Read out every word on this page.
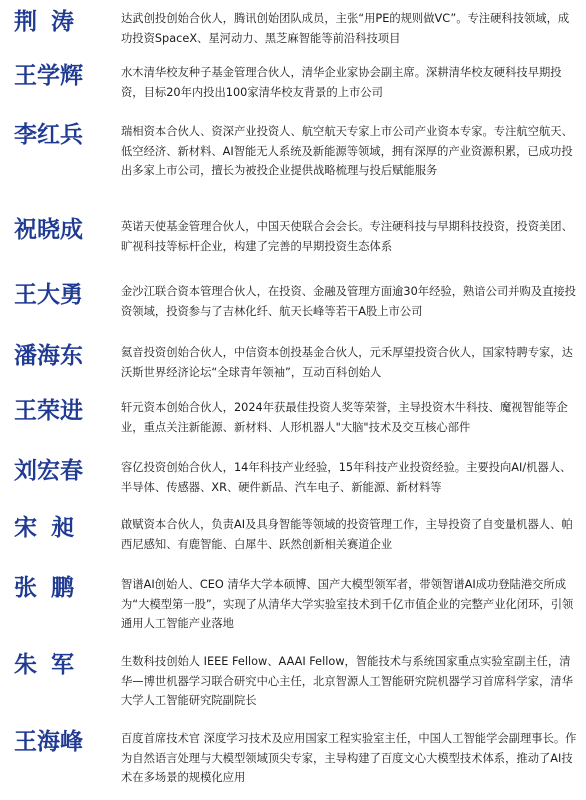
荆涛	达武创投创始合伙人，腾讯创始团队成员，主张“用PE的规则做VC”。专注硬科技领域，成功投资SpaceX、星河动力、黑芝麻智能等前沿科技项目

王学辉	水木清华校友种子基金管理合伙人，清华企业家协会副主席。深耕清华校友硬科技早期投资，目标20年内投出100家清华校友背景的上市公司

李红兵	瑞相资本合伙人、资深产业投资人、航空航天专家上市公司产业资本专家。专注航空航天、低空经济、新材料、AI智能无人系统及新能源等领域，拥有深厚的产业资源积累，已成功投出多家上市公司，擅长为被投企业提供战略梳理与投后赋能服务

祝晓成	英诺天使基金管理合伙人，中国天使联合会会长。专注硬科技与早期科技投资，投资美团、旷视科技等标杆企业，构建了完善的早期投资生态体系

王大勇	金沙江联合资本管理合伙人，在投资、金融及管理方面逾30年经验，熟谙公司并购及直接投资领域，投资参与了吉林化纤、航天长峰等若干A股上市公司

潘海东	氦音投资创始合伙人，中信资本创投基金合伙人，元禾厚望投资合伙人，国家特聘专家，达沃斯世界经济论坛“全球青年领袖”，互动百科创始人

王荣进	轩元资本创始合伙人，2024年获最佳投资人奖等荣誉，主导投资木牛科技、魔视智能等企业，重点关注新能源、新材料、人形机器人"大脑"技术及交互核心部件

刘宏春	容亿投资创始合伙人，14年科技产业经验，15年科技产业投资经验。主要投向AI/机器人、半导体、传感器、XR、硬件新品、汽车电子、新能源、新材料等

宋昶	啟赋资本合伙人，负责AI及具身智能等领域的投资管理工作，主导投资了自变量机器人、帕西尼感知、有鹿智能、白犀牛、跃然创新相关赛道企业

张鹏	智谱AI创始人、CEO 清华大学本硕博、国产大模型领军者，带领智谱AI成功登陆港交所成为“大模型第一股”，实现了从清华大学实验室技术到千亿市值企业的完整产业化闭环，引领通用人工智能产业落地

朱军	生数科技创始人 IEEE Fellow、AAAI Fellow，智能技术与系统国家重点实验室副主任，清华—博世机器学习联合研究中心主任，北京智源人工智能研究院机器学习首席科学家，清华大学人工智能研究院副院长

王海峰	百度首席技术官 深度学习技术及应用国家工程实验室主任，中国人工智能学会副理事长。作为自然语言处理与大模型领域顶尖专家，主导构建了百度文心大模型技术体系，推动了AI技术在多场景的规模化应用
